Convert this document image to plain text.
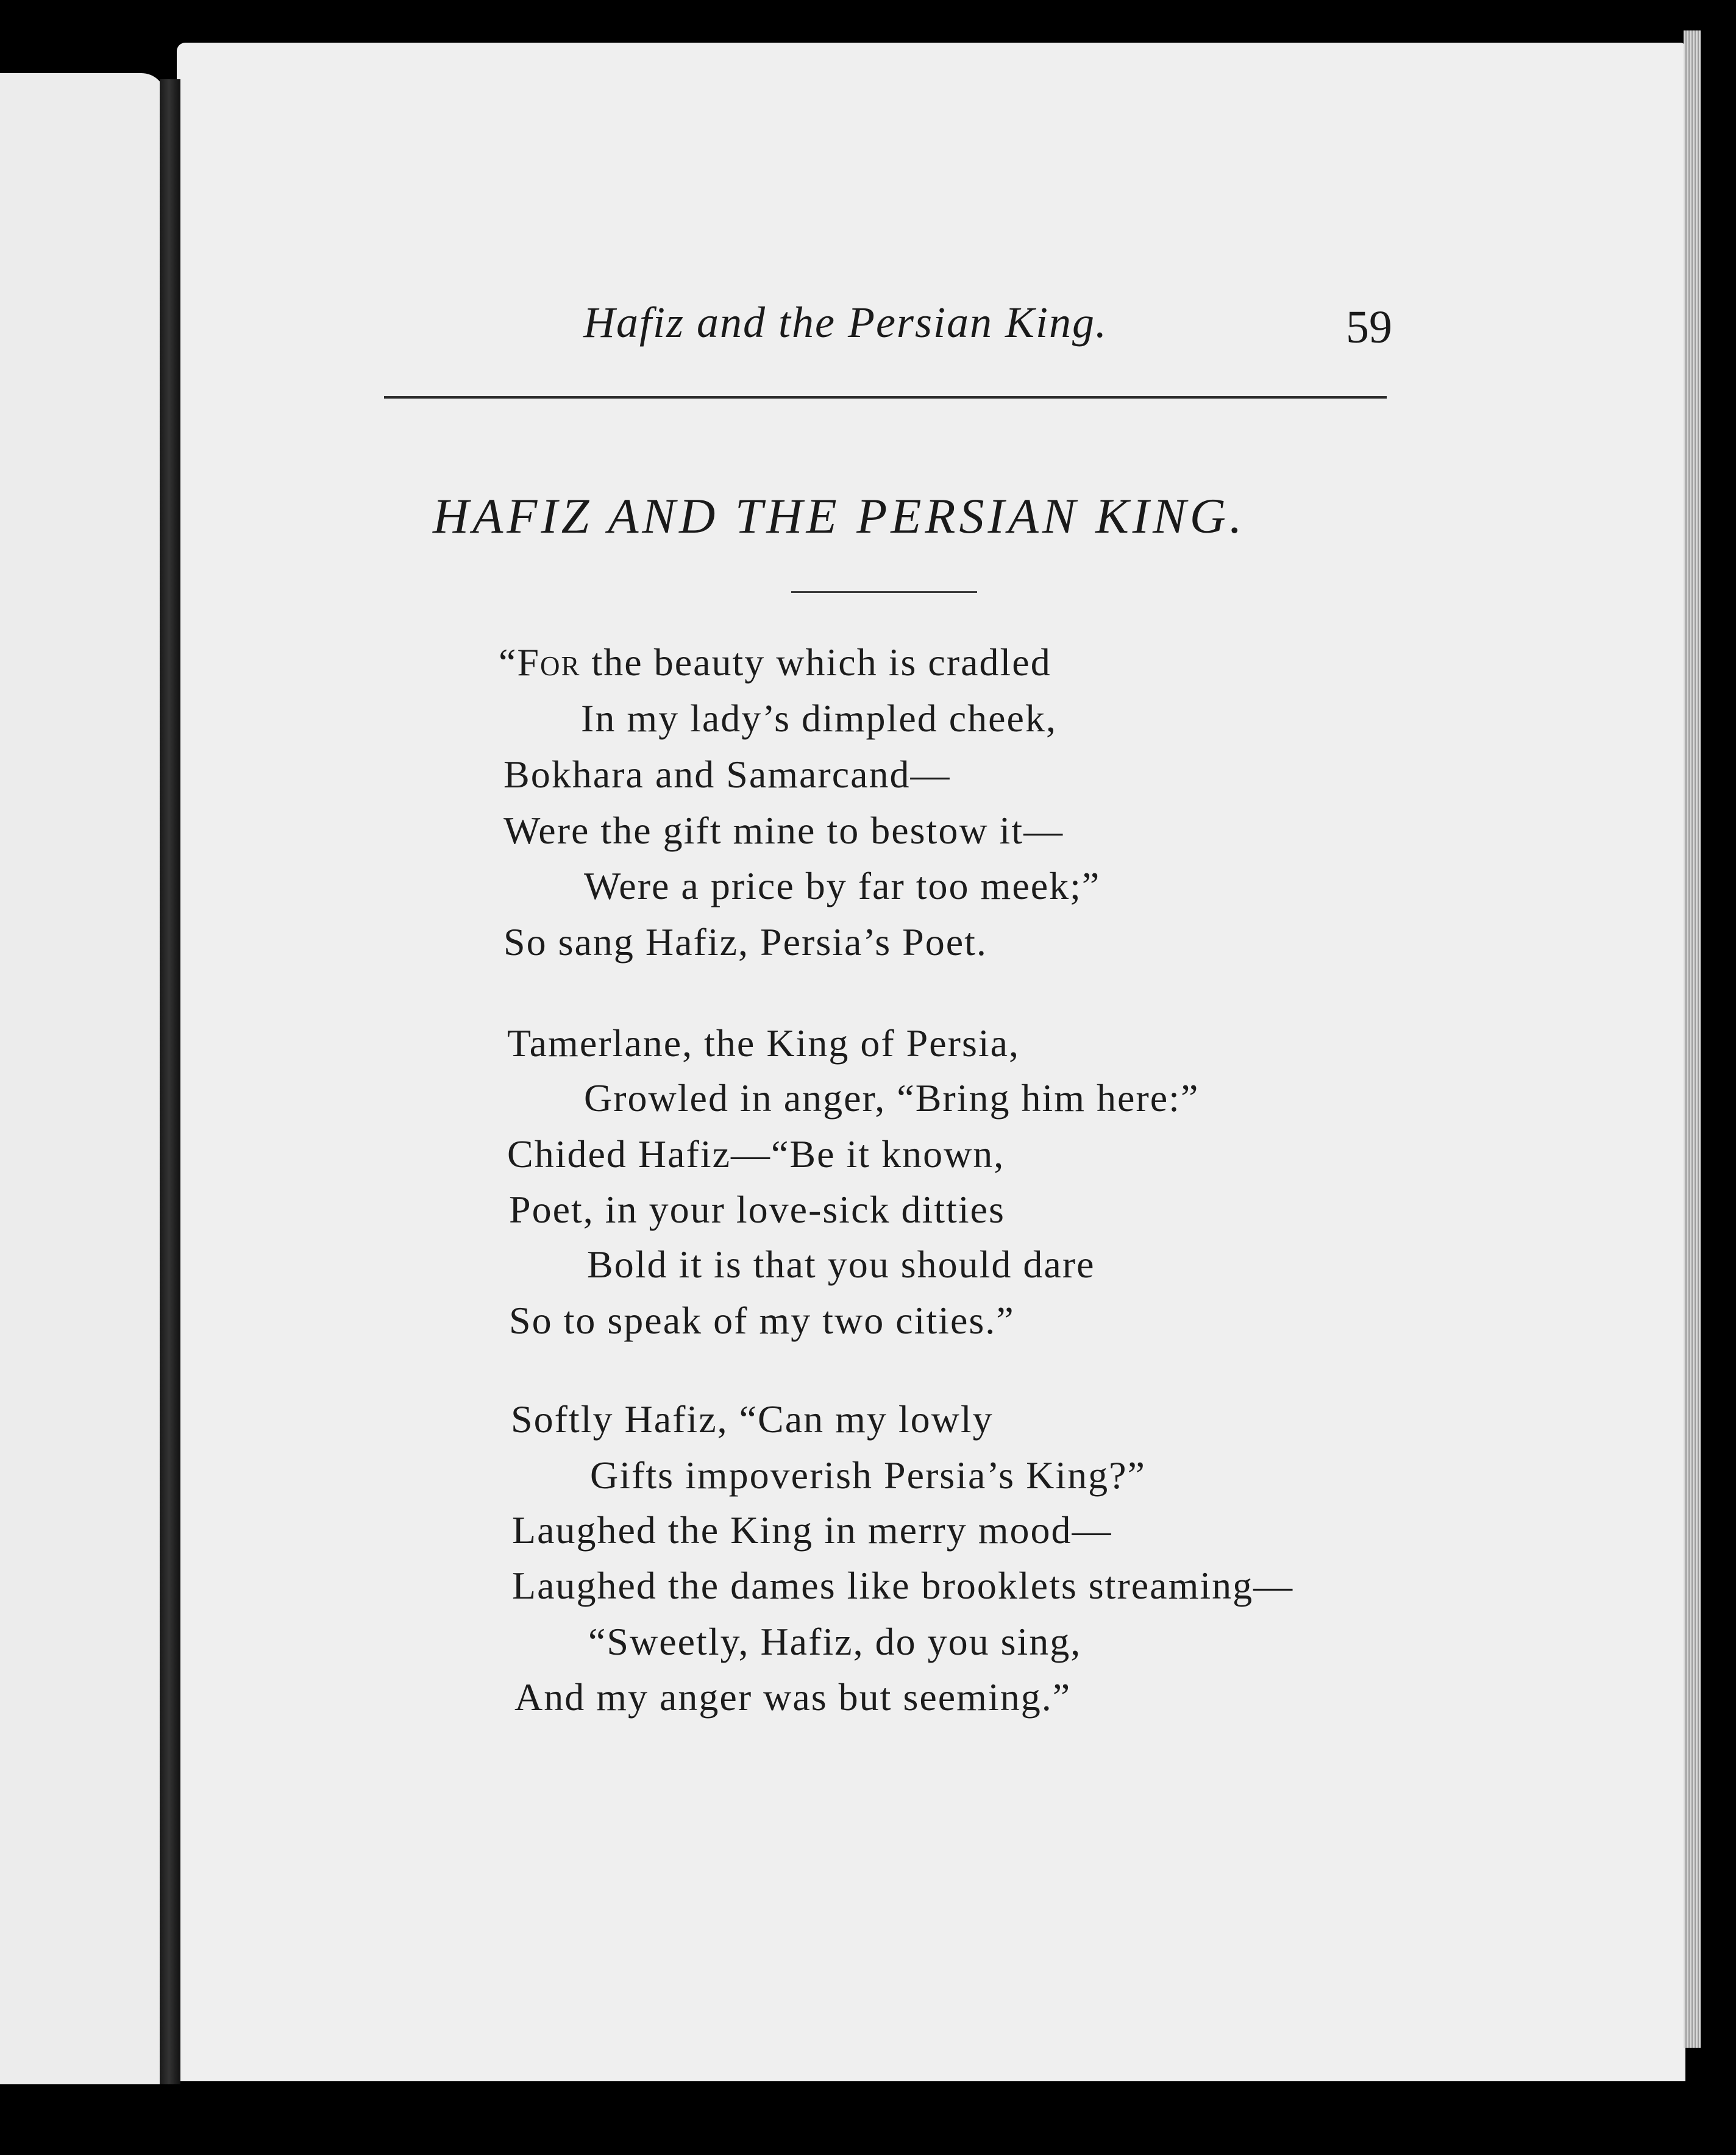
Hafiz and the Persian King.	59
HAFIZ AND THE PERSIAN KING.
“For the beauty which is cradled
In my lady’s dimpled cheek,
Bokhara and Samarcand—
Were the gift mine to bestow it—
Were a price by far too meek;”
So sang Hafiz, Persia’s Poet.
Tamerlane, the King of Persia,
Growled in anger, “Bring him here:”
Chided Hafiz—“Be it known,
Poet, in your love-sick ditties
Bold it is that you should dare
So to speak of my two cities.”
Softly Hafiz, “Can my lowly
Gifts impoverish Persia’s King?”
Laughed the King in merry mood—
Laughed the dames like brooklets streaming—
“Sweetly, Hafiz, do you sing,
And my anger was but seeming.”
